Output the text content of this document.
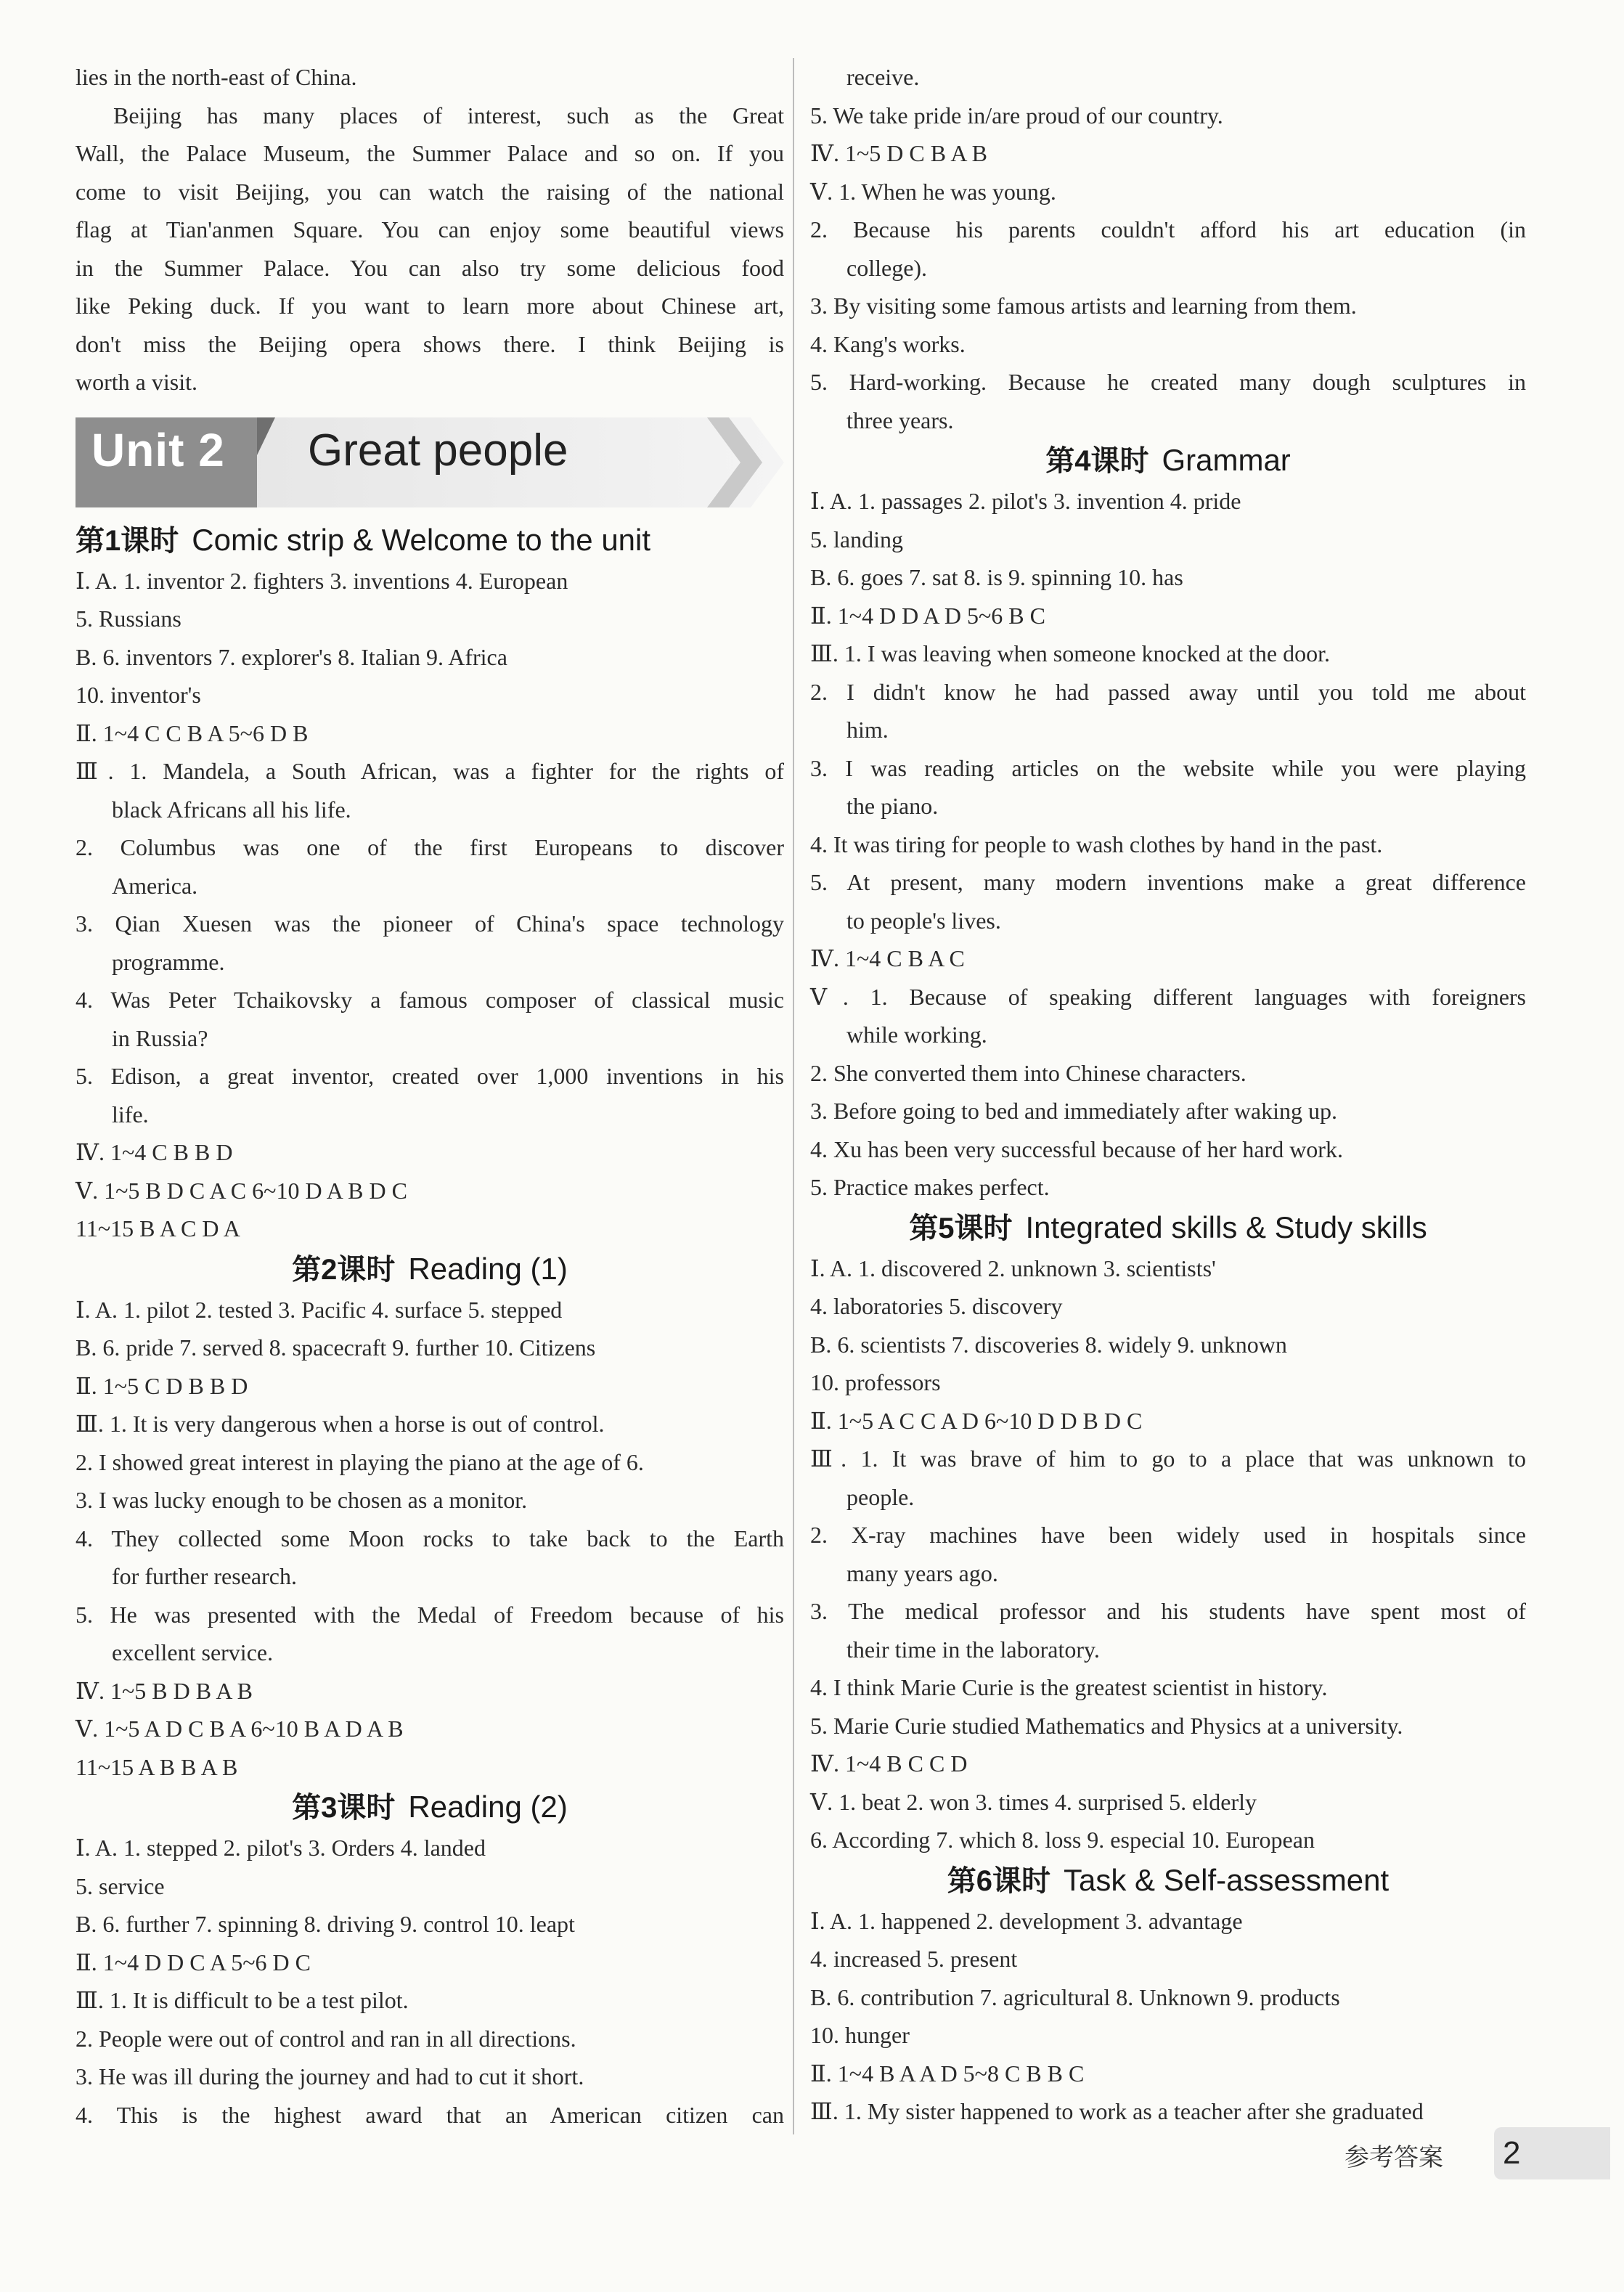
lies in the north-east of China.
Beijing has many places of interest, such as the Great
Wall, the Palace Museum, the Summer Palace and so on. If you
come to visit Beijing, you can watch the raising of the national
flag at Tian'anmen Square. You can enjoy some beautiful views
in the Summer Palace. You can also try some delicious food
like Peking duck. If you want to learn more about Chinese art,
don't miss the Beijing opera shows there. I think Beijing is
worth a visit.
Unit 2 Great people
第1课时 Comic strip & Welcome to the unit
Ⅰ. A. 1. inventor 2. fighters 3. inventions 4. European
5. Russians
B. 6. inventors 7. explorer's 8. Italian 9. Africa
10. inventor's
Ⅱ. 1~4 C C B A 5~6 D B
Ⅲ. 1. Mandela, a South African, was a fighter for the rights of
black Africans all his life.
2. Columbus was one of the first Europeans to discover
America.
3. Qian Xuesen was the pioneer of China's space technology
programme.
4. Was Peter Tchaikovsky a famous composer of classical music
in Russia?
5. Edison, a great inventor, created over 1,000 inventions in his
life.
Ⅳ. 1~4 C B B D
Ⅴ. 1~5 B D C A C 6~10 D A B D C
11~15 B A C D A
第2课时 Reading (1)
Ⅰ. A. 1. pilot 2. tested 3. Pacific 4. surface 5. stepped
B. 6. pride 7. served 8. spacecraft 9. further 10. Citizens
Ⅱ. 1~5 C D B B D
Ⅲ. 1. It is very dangerous when a horse is out of control.
2. I showed great interest in playing the piano at the age of 6.
3. I was lucky enough to be chosen as a monitor.
4. They collected some Moon rocks to take back to the Earth
for further research.
5. He was presented with the Medal of Freedom because of his
excellent service.
Ⅳ. 1~5 B D B A B
Ⅴ. 1~5 A D C B A 6~10 B A D A B
11~15 A B B A B
第3课时 Reading (2)
Ⅰ. A. 1. stepped 2. pilot's 3. Orders 4. landed
5. service
B. 6. further 7. spinning 8. driving 9. control 10. leapt
Ⅱ. 1~4 D D C A 5~6 D C
Ⅲ. 1. It is difficult to be a test pilot.
2. People were out of control and ran in all directions.
3. He was ill during the journey and had to cut it short.
4. This is the highest award that an American citizen can
receive.
5. We take pride in/are proud of our country.
Ⅳ. 1~5 D C B A B
Ⅴ. 1. When he was young.
2. Because his parents couldn't afford his art education (in
college).
3. By visiting some famous artists and learning from them.
4. Kang's works.
5. Hard-working. Because he created many dough sculptures in
three years.
第4课时 Grammar
Ⅰ. A. 1. passages 2. pilot's 3. invention 4. pride
5. landing
B. 6. goes 7. sat 8. is 9. spinning 10. has
Ⅱ. 1~4 D D A D 5~6 B C
Ⅲ. 1. I was leaving when someone knocked at the door.
2. I didn't know he had passed away until you told me about
him.
3. I was reading articles on the website while you were playing
the piano.
4. It was tiring for people to wash clothes by hand in the past.
5. At present, many modern inventions make a great difference
to people's lives.
Ⅳ. 1~4 C B A C
Ⅴ. 1. Because of speaking different languages with foreigners
while working.
2. She converted them into Chinese characters.
3. Before going to bed and immediately after waking up.
4. Xu has been very successful because of her hard work.
5. Practice makes perfect.
第5课时 Integrated skills & Study skills
Ⅰ. A. 1. discovered 2. unknown 3. scientists'
4. laboratories 5. discovery
B. 6. scientists 7. discoveries 8. widely 9. unknown
10. professors
Ⅱ. 1~5 A C C A D 6~10 D D B D C
Ⅲ. 1. It was brave of him to go to a place that was unknown to
people.
2. X-ray machines have been widely used in hospitals since
many years ago.
3. The medical professor and his students have spent most of
their time in the laboratory.
4. I think Marie Curie is the greatest scientist in history.
5. Marie Curie studied Mathematics and Physics at a university.
Ⅳ. 1~4 B C C D
Ⅴ. 1. beat 2. won 3. times 4. surprised 5. elderly
6. According 7. which 8. loss 9. especial 10. European
第6课时 Task & Self-assessment
Ⅰ. A. 1. happened 2. development 3. advantage
4. increased 5. present
B. 6. contribution 7. agricultural 8. Unknown 9. products
10. hunger
Ⅱ. 1~4 B A A D 5~8 C B B C
Ⅲ. 1. My sister happened to work as a teacher after she graduated
参考答案 2
